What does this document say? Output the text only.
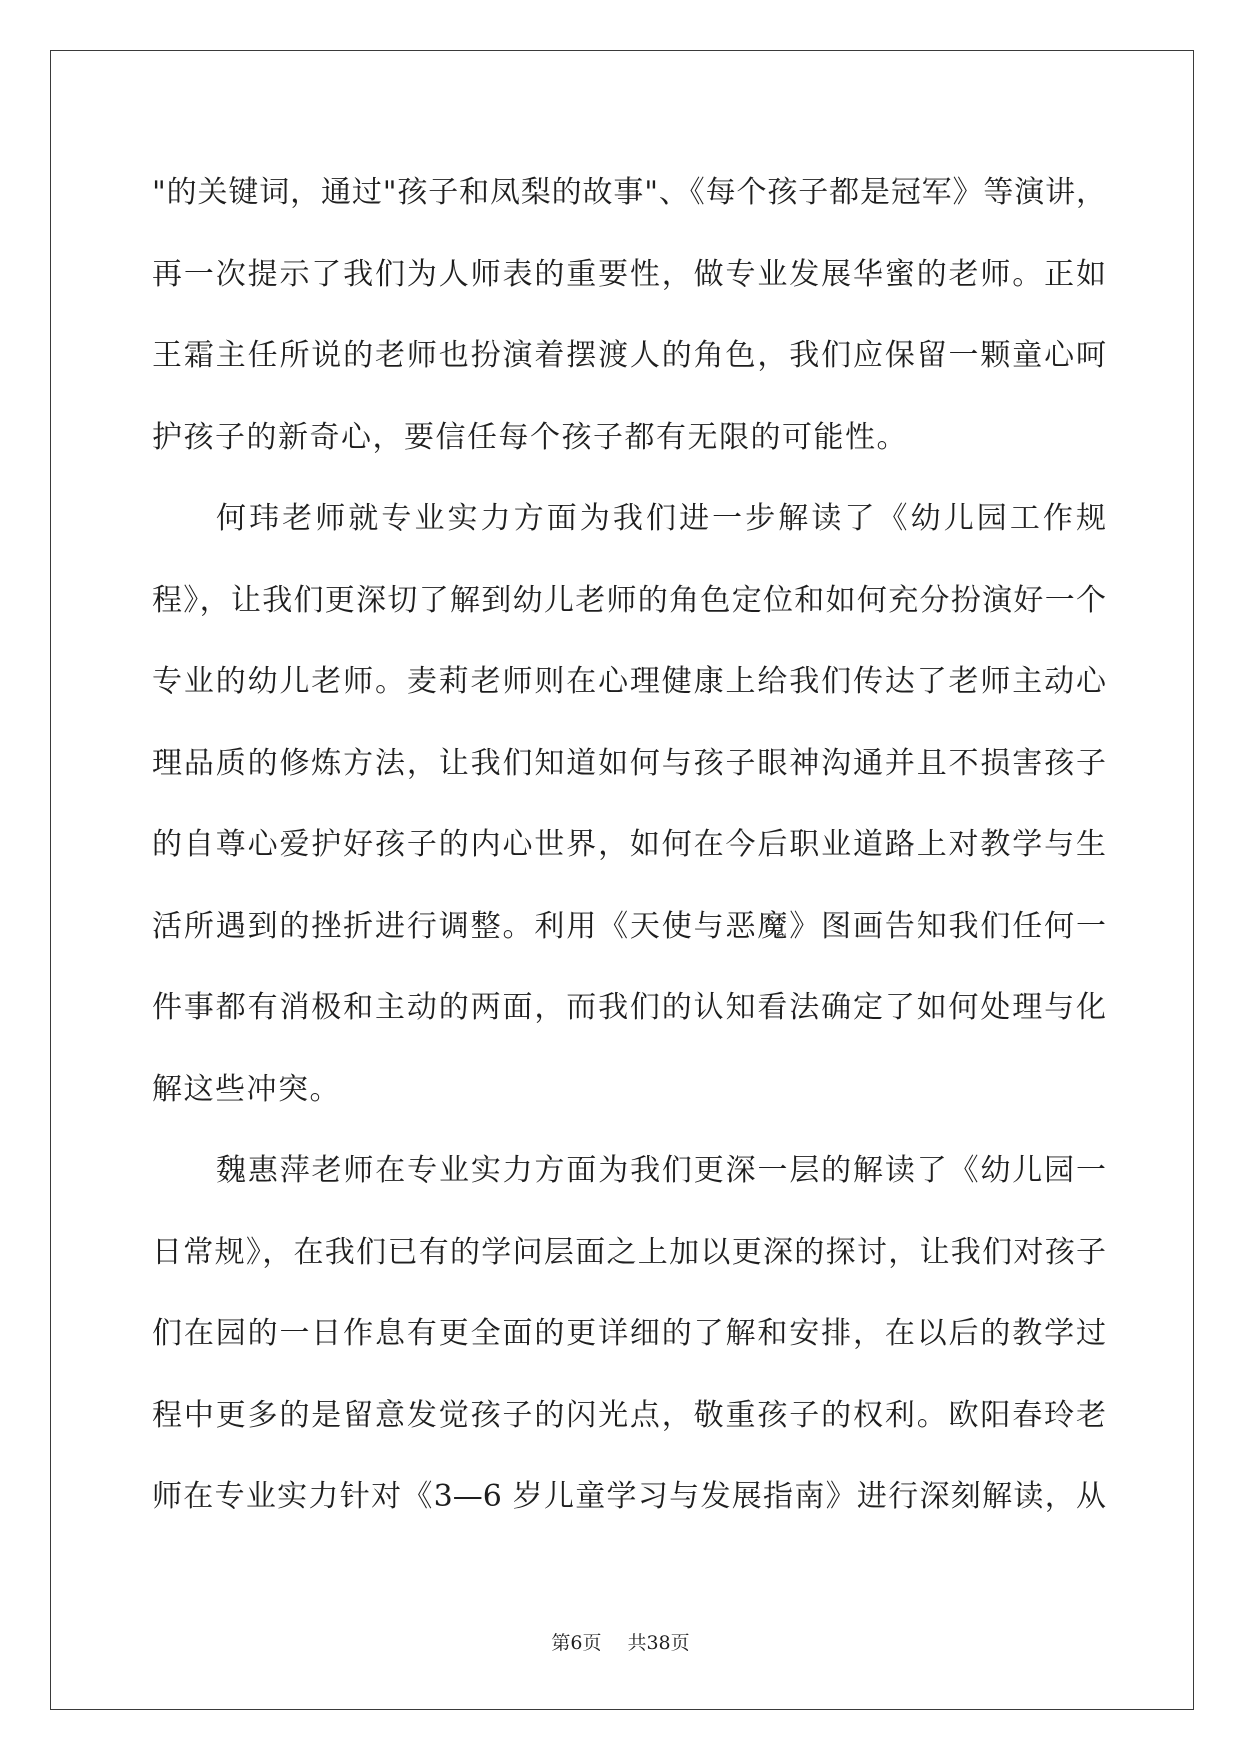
"的关键词，通过"孩子和凤梨的故事"、《每个孩子都是冠军》等演讲，
再一次提示了我们为人师表的重要性，做专业发展华蜜的老师。正如
王霜主任所说的老师也扮演着摆渡人的角色，我们应保留一颗童心呵
护孩子的新奇心，要信任每个孩子都有无限的可能性。
何玮老师就专业实力方面为我们进一步解读了《幼儿园工作规
程》，让我们更深切了解到幼儿老师的角色定位和如何充分扮演好一个
专业的幼儿老师。麦莉老师则在心理健康上给我们传达了老师主动心
理品质的修炼方法，让我们知道如何与孩子眼神沟通并且不损害孩子
的自尊心爱护好孩子的内心世界，如何在今后职业道路上对教学与生
活所遇到的挫折进行调整。利用《天使与恶魔》图画告知我们任何一
件事都有消极和主动的两面，而我们的认知看法确定了如何处理与化
解这些冲突。
魏惠萍老师在专业实力方面为我们更深一层的解读了《幼儿园一
日常规》，在我们已有的学问层面之上加以更深的探讨，让我们对孩子
们在园的一日作息有更全面的更详细的了解和安排，在以后的教学过
程中更多的是留意发觉孩子的闪光点，敬重孩子的权利。欧阳春玲老
师在专业实力针对《3—6 岁儿童学习与发展指南》进行深刻解读，从
第6页 共38页
